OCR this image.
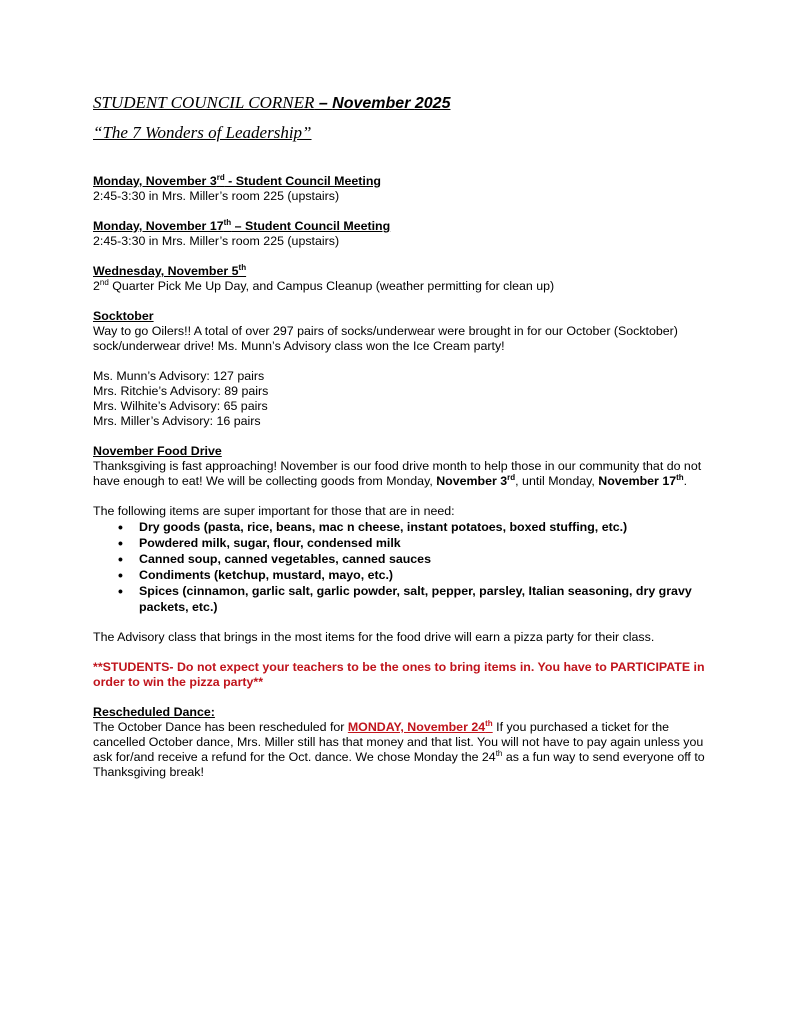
STUDENT COUNCIL CORNER – November 2025

“The 7 Wonders of Leadership”

Monday, November 3rd - Student Council Meeting
2:45-3:30 in Mrs. Miller’s room 225 (upstairs)

Monday, November 17th – Student Council Meeting
2:45-3:30 in Mrs. Miller’s room 225 (upstairs)

Wednesday, November 5th
2nd Quarter Pick Me Up Day, and Campus Cleanup (weather permitting for clean up)

Socktober
Way to go Oilers!! A total of over 297 pairs of socks/underwear were brought in for our October (Socktober) sock/underwear drive! Ms. Munn’s Advisory class won the Ice Cream party!

Ms. Munn’s Advisory: 127 pairs
Mrs. Ritchie’s Advisory: 89 pairs
Mrs. Wilhite’s Advisory: 65 pairs
Mrs. Miller’s Advisory: 16 pairs

November Food Drive
Thanksgiving is fast approaching! November is our food drive month to help those in our community that do not have enough to eat! We will be collecting goods from Monday, November 3rd, until Monday, November 17th.

The following items are super important for those that are in need:

• Dry goods (pasta, rice, beans, mac n cheese, instant potatoes, boxed stuffing, etc.)
• Powdered milk, sugar, flour, condensed milk
• Canned soup, canned vegetables, canned sauces
• Condiments (ketchup, mustard, mayo, etc.)
• Spices (cinnamon, garlic salt, garlic powder, salt, pepper, parsley, Italian seasoning, dry gravy packets, etc.)

The Advisory class that brings in the most items for the food drive will earn a pizza party for their class.

**STUDENTS- Do not expect your teachers to be the ones to bring items in. You have to PARTICIPATE in order to win the pizza party**

Rescheduled Dance:
The October Dance has been rescheduled for MONDAY, November 24th If you purchased a ticket for the cancelled October dance, Mrs. Miller still has that money and that list. You will not have to pay again unless you ask for/and receive a refund for the Oct. dance. We chose Monday the 24th as a fun way to send everyone off to Thanksgiving break!
